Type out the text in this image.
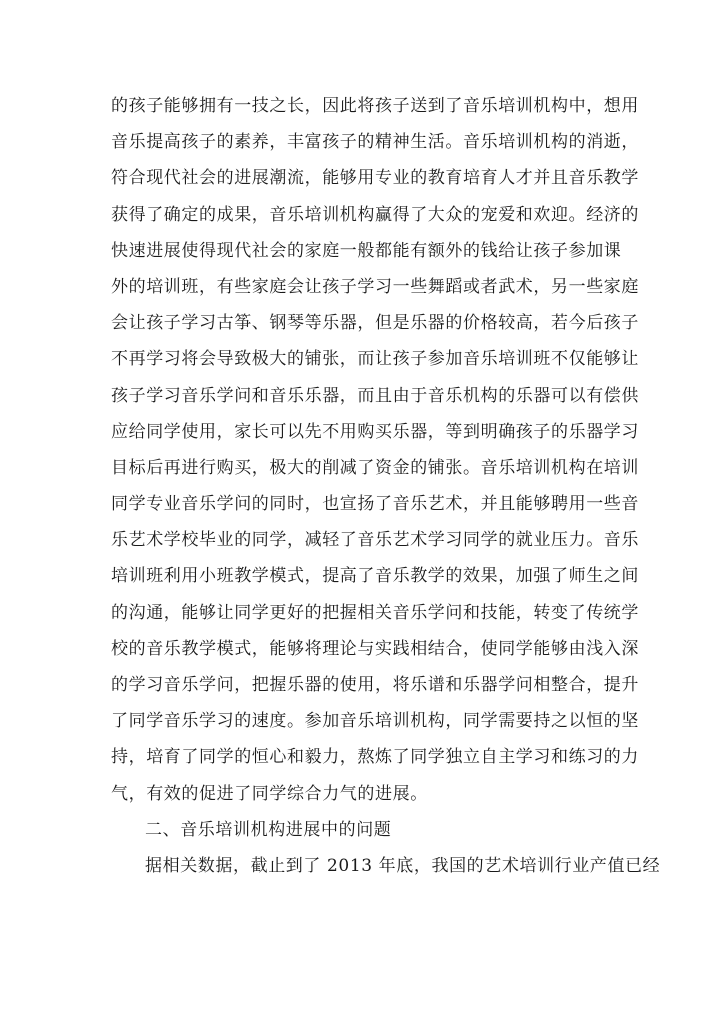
的孩子能够拥有一技之长，因此将孩子送到了音乐培训机构中，想用
音乐提高孩子的素养，丰富孩子的精神生活。音乐培训机构的消逝，
符合现代社会的进展潮流，能够用专业的教育培育人才并且音乐教学
获得了确定的成果，音乐培训机构赢得了大众的宠爱和欢迎。经济的
快速进展使得现代社会的家庭一般都能有额外的钱给让孩子参加课
外的培训班，有些家庭会让孩子学习一些舞蹈或者武术，另一些家庭
会让孩子学习古筝、钢琴等乐器，但是乐器的价格较高，若今后孩子
不再学习将会导致极大的铺张，而让孩子参加音乐培训班不仅能够让
孩子学习音乐学问和音乐乐器，而且由于音乐机构的乐器可以有偿供
应给同学使用，家长可以先不用购买乐器，等到明确孩子的乐器学习
目标后再进行购买，极大的削减了资金的铺张。音乐培训机构在培训
同学专业音乐学问的同时，也宣扬了音乐艺术，并且能够聘用一些音
乐艺术学校毕业的同学，减轻了音乐艺术学习同学的就业压力。音乐
培训班利用小班教学模式，提高了音乐教学的效果，加强了师生之间
的沟通，能够让同学更好的把握相关音乐学问和技能，转变了传统学
校的音乐教学模式，能够将理论与实践相结合，使同学能够由浅入深
的学习音乐学问，把握乐器的使用，将乐谱和乐器学问相整合，提升
了同学音乐学习的速度。参加音乐培训机构，同学需要持之以恒的坚
持，培育了同学的恒心和毅力，熬炼了同学独立自主学习和练习的力
气，有效的促进了同学综合力气的进展。
二、音乐培训机构进展中的问题
据相关数据，截止到了 2013 年底，我国的艺术培训行业产值已经
